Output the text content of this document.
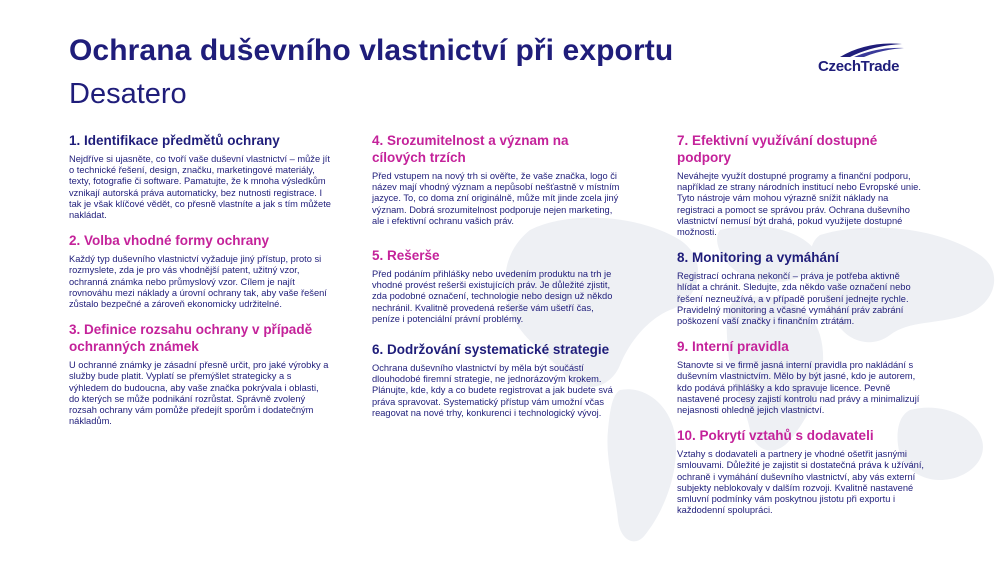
Ochrana duševního vlastnictví při exportu
Desatero
CzechTrade
1. Identifikace předmětů ochrany

Nejdříve si ujasněte, co tvoří vaše duševní vlastnictví – může jít o technické řešení, design, značku, marketingové materiály, texty, fotografie či software. Pamatujte, že k mnoha výsledkům vznikají autorská práva automaticky, bez nutnosti registrace. I tak je však klíčové vědět, co přesně vlastníte a jak s tím můžete nakládat.

2. Volba vhodné formy ochrany

Každý typ duševního vlastnictví vyžaduje jiný přístup, proto si rozmyslete, zda je pro vás vhodnější patent, užitný vzor, ochranná známka nebo průmyslový vzor. Cílem je najít rovnováhu mezi náklady a úrovní ochrany tak, aby vaše řešení zůstalo bezpečné a zároveň ekonomicky udržitelné.

3. Definice rozsahu ochrany v případě ochranných známek

U ochranné známky je zásadní přesně určit, pro jaké výrobky a služby bude platit. Vyplatí se přemýšlet strategicky a s výhledem do budoucna, aby vaše značka pokrývala i oblasti, do kterých se může podnikání rozrůstat. Správně zvolený rozsah ochrany vám pomůže předejít sporům i dodatečným nákladům.

4. Srozumitelnost a význam na cílových trzích

Před vstupem na nový trh si ověřte, že vaše značka, logo či název mají vhodný význam a nepůsobí nešťastně v místním jazyce. To, co doma zní originálně, může mít jinde zcela jiný význam. Dobrá srozumitelnost podporuje nejen marketing, ale i efektivní ochranu vašich práv.

5. Rešerše

Před podáním přihlášky nebo uvedením produktu na trh je vhodné provést rešerši existujících práv. Je důležité zjistit, zda podobné označení, technologie nebo design už někdo nechránil. Kvalitně provedená rešerše vám ušetří čas, peníze i potenciální právní problémy.

6. Dodržování systematické strategie

Ochrana duševního vlastnictví by měla být součástí dlouhodobé firemní strategie, ne jednorázovým krokem. Plánujte, kde, kdy a co budete registrovat a jak budete svá práva spravovat. Systematický přístup vám umožní včas reagovat na nové trhy, konkurenci i technologický vývoj.

7. Efektivní využívání dostupné podpory

Neváhejte využít dostupné programy a finanční podporu, například ze strany národních institucí nebo Evropské unie. Tyto nástroje vám mohou výrazně snížit náklady na registraci a pomoct se správou práv. Ochrana duševního vlastnictví nemusí být drahá, pokud využijete dostupné možnosti.

8. Monitoring a vymáhání

Registrací ochrana nekončí – práva je potřeba aktivně hlídat a chránit. Sledujte, zda někdo vaše označení nebo řešení nezneužívá, a v případě porušení jednejte rychle. Pravidelný monitoring a včasné vymáhání práv zabrání poškození vaší značky i finančním ztrátám.

9. Interní pravidla

Stanovte si ve firmě jasná interní pravidla pro nakládání s duševním vlastnictvím. Mělo by být jasné, kdo je autorem, kdo podává přihlášky a kdo spravuje licence. Pevně nastavené procesy zajistí kontrolu nad právy a minimalizují nejasnosti ohledně jejich vlastnictví.

10. Pokrytí vztahů s dodavateli

Vztahy s dodavateli a partnery je vhodné ošetřit jasnými smlouvami. Důležité je zajistit si dostatečná práva k užívání, ochraně i vymáhání duševního vlastnictví, aby vás externí subjekty neblokovaly v dalším rozvoji. Kvalitně nastavené smluvní podmínky vám poskytnou jistotu při exportu i každodenní spolupráci.
